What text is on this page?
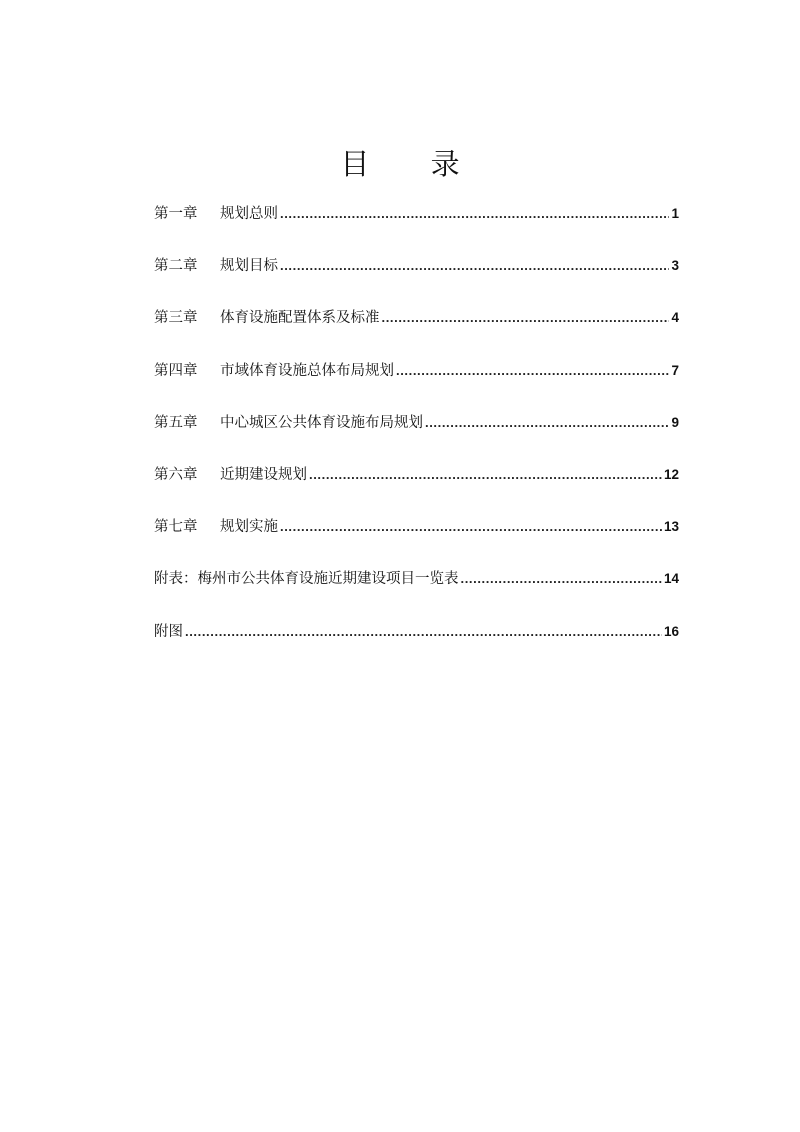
目 录
第一章	规划总则 .....	1
第二章	规划目标 .....	3
第三章	体育设施配置体系及标准 .....	4
第四章	市域体育设施总体布局规划 .....	7
第五章	中心城区公共体育设施布局规划 .....	9
第六章	近期建设规划 .....	12
第七章	规划实施 .....	13
附表：梅州市公共体育设施近期建设项目一览表 .....	14
附图 .....	16
